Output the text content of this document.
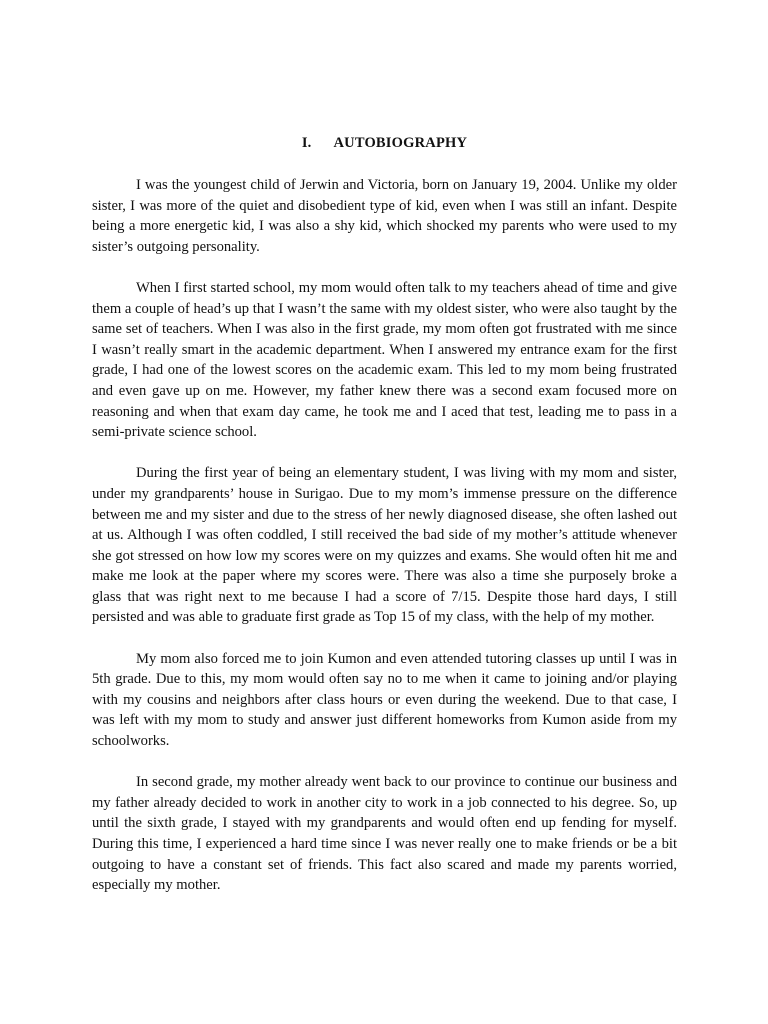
I. AUTOBIOGRAPHY

I was the youngest child of Jerwin and Victoria, born on January 19, 2004. Unlike my older sister, I was more of the quiet and disobedient type of kid, even when I was still an infant. Despite being a more energetic kid, I was also a shy kid, which shocked my parents who were used to my sister’s outgoing personality.

When I first started school, my mom would often talk to my teachers ahead of time and give them a couple of head’s up that I wasn’t the same with my oldest sister, who were also taught by the same set of teachers. When I was also in the first grade, my mom often got frustrated with me since I wasn’t really smart in the academic department. When I answered my entrance exam for the first grade, I had one of the lowest scores on the academic exam. This led to my mom being frustrated and even gave up on me. However, my father knew there was a second exam focused more on reasoning and when that exam day came, he took me and I aced that test, leading me to pass in a semi-private science school.

During the first year of being an elementary student, I was living with my mom and sister, under my grandparents’ house in Surigao. Due to my mom’s immense pressure on the difference between me and my sister and due to the stress of her newly diagnosed disease, she often lashed out at us. Although I was often coddled, I still received the bad side of my mother’s attitude whenever she got stressed on how low my scores were on my quizzes and exams. She would often hit me and make me look at the paper where my scores were. There was also a time she purposely broke a glass that was right next to me because I had a score of 7/15. Despite those hard days, I still persisted and was able to graduate first grade as Top 15 of my class, with the help of my mother.

My mom also forced me to join Kumon and even attended tutoring classes up until I was in 5th grade. Due to this, my mom would often say no to me when it came to joining and/or playing with my cousins and neighbors after class hours or even during the weekend. Due to that case, I was left with my mom to study and answer just different homeworks from Kumon aside from my schoolworks.

In second grade, my mother already went back to our province to continue our business and my father already decided to work in another city to work in a job connected to his degree. So, up until the sixth grade, I stayed with my grandparents and would often end up fending for myself. During this time, I experienced a hard time since I was never really one to make friends or be a bit outgoing to have a constant set of friends. This fact also scared and made my parents worried, especially my mother.
